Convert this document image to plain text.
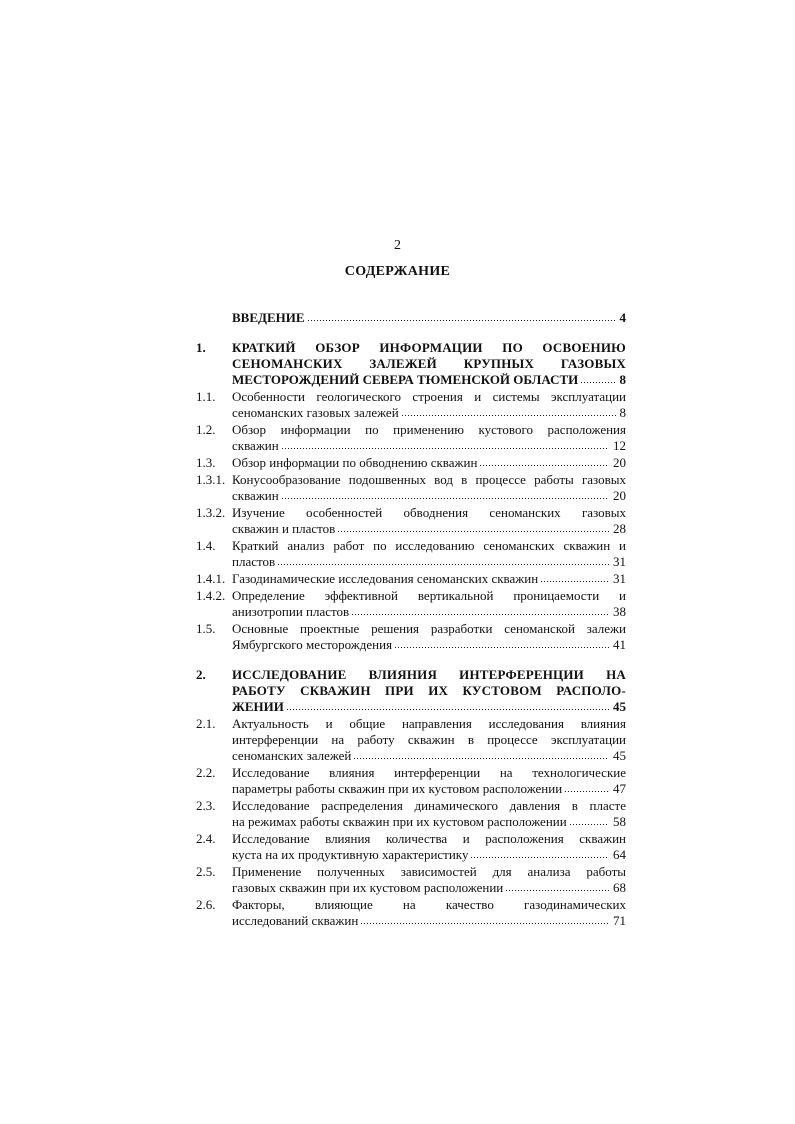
2
СОДЕРЖАНИЕ
ВВЕДЕНИЕ	4
1.	КРАТКИЙ ОБЗОР ИНФОРМАЦИИ ПО ОСВОЕНИЮ
СЕНОМАНСКИХ ЗАЛЕЖЕЙ КРУПНЫХ ГАЗОВЫХ
МЕСТОРОЖДЕНИЙ СЕВЕРА ТЮМЕНСКОЙ ОБЛАСТИ	8
1.1.	Особенности геологического строения и системы эксплуатации
сеноманских газовых залежей	8
1.2.	Обзор информации по применению кустового расположения
скважин	12
1.3.	Обзор информации по обводнению скважин	20
1.3.1. Конусообразование подошвенных вод в процессе работы газовых
скважин	20
1.3.2. Изучение особенностей обводнения сеноманских газовых
скважин и пластов	28
1.4.	Краткий анализ работ по исследованию сеноманских скважин и
пластов	31
1.4.1. Газодинамические исследования сеноманских скважин	31
1.4.2. Определение эффективной вертикальной проницаемости и
анизотропии пластов	38
1.5.	Основные проектные решения разработки сеноманской залежи
Ямбургского месторождения	41
2.	ИССЛЕДОВАНИЕ ВЛИЯНИЯ ИНТЕРФЕРЕНЦИИ НА
РАБОТУ СКВАЖИН ПРИ ИХ КУСТОВОМ РАСПОЛО-
ЖЕНИИ	45
2.1.	Актуальность и общие направления исследования влияния
интерференции на работу скважин в процессе эксплуатации
сеноманских залежей	45
2.2.	Исследование влияния интерференции на технологические
параметры работы скважин при их кустовом расположении	47
2.3.	Исследование распределения динамического давления в пласте
на режимах работы скважин при их кустовом расположении	58
2.4.	Исследование влияния количества и расположения скважин
куста на их продуктивную характеристику	64
2.5.	Применение полученных зависимостей для анализа работы
газовых скважин при их кустовом расположении	68
2.6.	Факторы, влияющие на качество газодинамических
исследований скважин	71
